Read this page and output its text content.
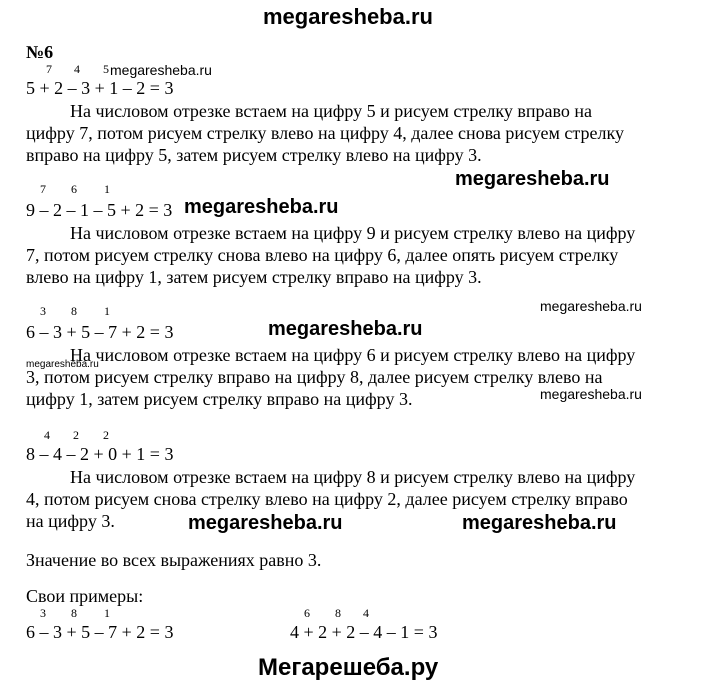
megaresheba.ru
№6
7 4 5 megaresheba.ru
5 + 2 – 3 + 1 – 2 = 3
На числовом отрезке встаем на цифру 5 и рисуем стрелку вправо на
цифру 7, потом рисуем стрелку влево на цифру 4, далее снова рисуем стрелку
вправо на цифру 5, затем рисуем стрелку влево на цифру 3.
megaresheba.ru
7 6 1
9 – 2 – 1 – 5 + 2 = 3 megaresheba.ru
На числовом отрезке встаем на цифру 9 и рисуем стрелку влево на цифру
7, потом рисуем стрелку снова влево на цифру 6, далее опять рисуем стрелку
влево на цифру 1, затем рисуем стрелку вправо на цифру 3.
megaresheba.ru
3 8 1
6 – 3 + 5 – 7 + 2 = 3	megaresheba.ru
На числовом отрезке встаем на цифру 6 и рисуем стрелку влево на цифру
3, потом рисуем стрелку вправо на цифру 8, далее рисуем стрелку влево на
цифру 1, затем рисуем стрелку вправо на цифру 3.
megaresheba.ru
megaresheba.ru
4 2 2
8 – 4 – 2 + 0 + 1 = 3
На числовом отрезке встаем на цифру 8 и рисуем стрелку влево на цифру
4, потом рисуем снова стрелку влево на цифру 2, далее рисуем стрелку вправо
на цифру 3.	megaresheba.ru	megaresheba.ru
Значение во всех выражениях равно 3.
Свои примеры:
3 8 1
6 – 3 + 5 – 7 + 2 = 3
6 8 4
4 + 2 + 2 – 4 – 1 = 3
Мегарешеба.ру
